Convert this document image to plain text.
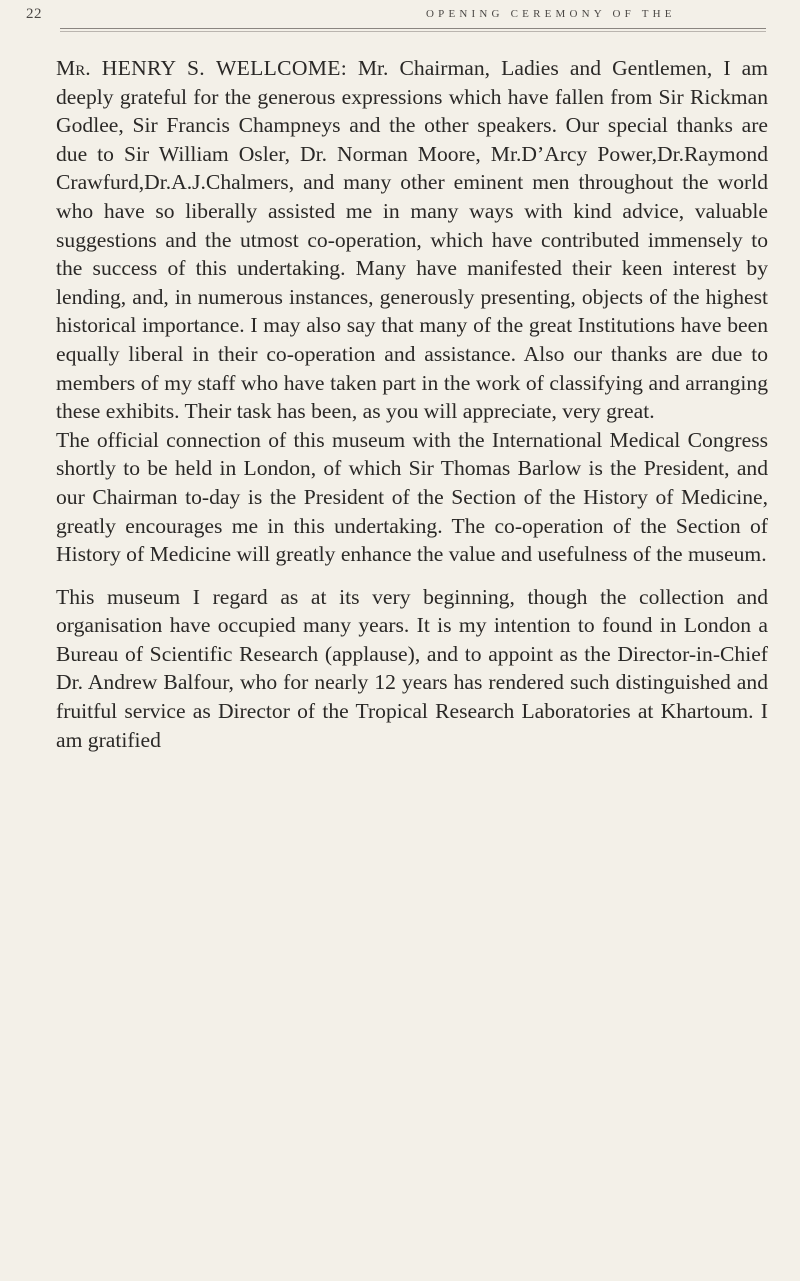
22	OPENING CEREMONY OF THE

Mr. HENRY S. WELLCOME: Mr. Chairman, Ladies and Gentlemen, I am deeply grateful for the generous expressions which have fallen from Sir Rickman Godlee, Sir Francis Champneys and the other speakers. Our special thanks are due to Sir William Osler, Dr. Norman Moore, Mr.D’Arcy Power,Dr.Raymond Crawfurd,Dr.A.J.Chalmers, and many other eminent men throughout the world who have so liberally assisted me in many ways with kind advice, valuable suggestions and the utmost co-operation, which have contributed immensely to the success of this undertaking. Many have manifested their keen interest by lending, and, in numerous instances, generously presenting, objects of the highest historical importance. I may also say that many of the great Institutions have been equally liberal in their co-operation and assistance. Also our thanks are due to members of my staff who have taken part in the work of classifying and arranging these exhibits. Their task has been, as you will appreciate, very great.

The official connection of this museum with the International Medical Congress shortly to be held in London, of which Sir Thomas Barlow is the President, and our Chairman to-day is the President of the Section of the History of Medicine, greatly encourages me in this undertaking. The co-operation of the Section of History of Medicine will greatly enhance the value and usefulness of the museum.

This museum I regard as at its very beginning, though the collection and organisation have occupied many years. It is my intention to found in London a Bureau of Scientific Research (applause), and to appoint as the Director-in-Chief Dr. Andrew Balfour, who for nearly 12 years has rendered such distinguished and fruitful service as Director of the Tropical Research Laboratories at Khartoum. I am gratified
